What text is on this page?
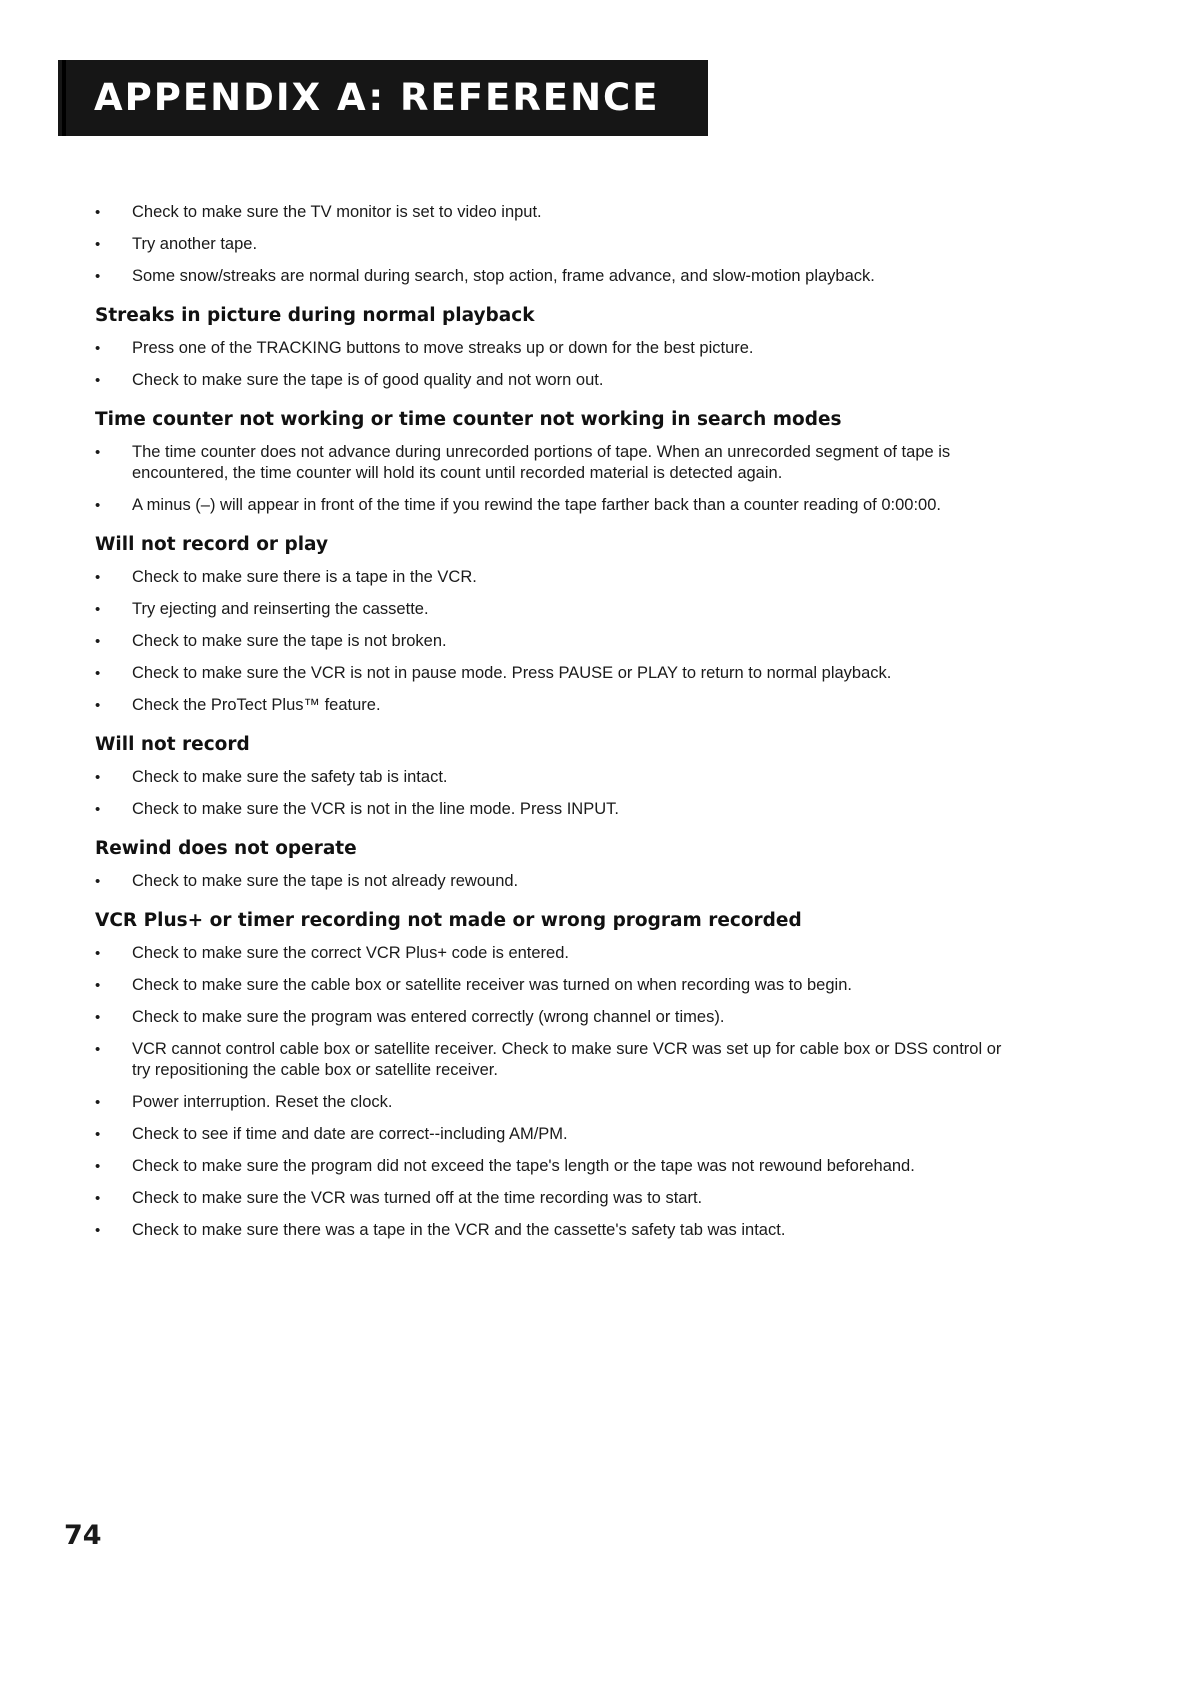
APPENDIX A: REFERENCE
• Check to make sure the TV monitor is set to video input.
• Try another tape.
• Some snow/streaks are normal during search, stop action, frame advance, and slow-motion playback.
Streaks in picture during normal playback
• Press one of the TRACKING buttons to move streaks up or down for the best picture.
• Check to make sure the tape is of good quality and not worn out.
Time counter not working or time counter not working in search modes
• The time counter does not advance during unrecorded portions of tape. When an unrecorded segment of tape is encountered, the time counter will hold its count until recorded material is detected again.
• A minus (–) will appear in front of the time if you rewind the tape farther back than a counter reading of 0:00:00.
Will not record or play
• Check to make sure there is a tape in the VCR.
• Try ejecting and reinserting the cassette.
• Check to make sure the tape is not broken.
• Check to make sure the VCR is not in pause mode. Press PAUSE or PLAY to return to normal playback.
• Check the ProTect Plus™ feature.
Will not record
• Check to make sure the safety tab is intact.
• Check to make sure the VCR is not in the line mode. Press INPUT.
Rewind does not operate
• Check to make sure the tape is not already rewound.
VCR Plus+ or timer recording not made or wrong program recorded
• Check to make sure the correct VCR Plus+ code is entered.
• Check to make sure the cable box or satellite receiver was turned on when recording was to begin.
• Check to make sure the program was entered correctly (wrong channel or times).
• VCR cannot control cable box or satellite receiver. Check to make sure VCR was set up for cable box or DSS control or try repositioning the cable box or satellite receiver.
• Power interruption. Reset the clock.
• Check to see if time and date are correct--including AM/PM.
• Check to make sure the program did not exceed the tape's length or the tape was not rewound beforehand.
• Check to make sure the VCR was turned off at the time recording was to start.
• Check to make sure there was a tape in the VCR and the cassette's safety tab was intact.
74
